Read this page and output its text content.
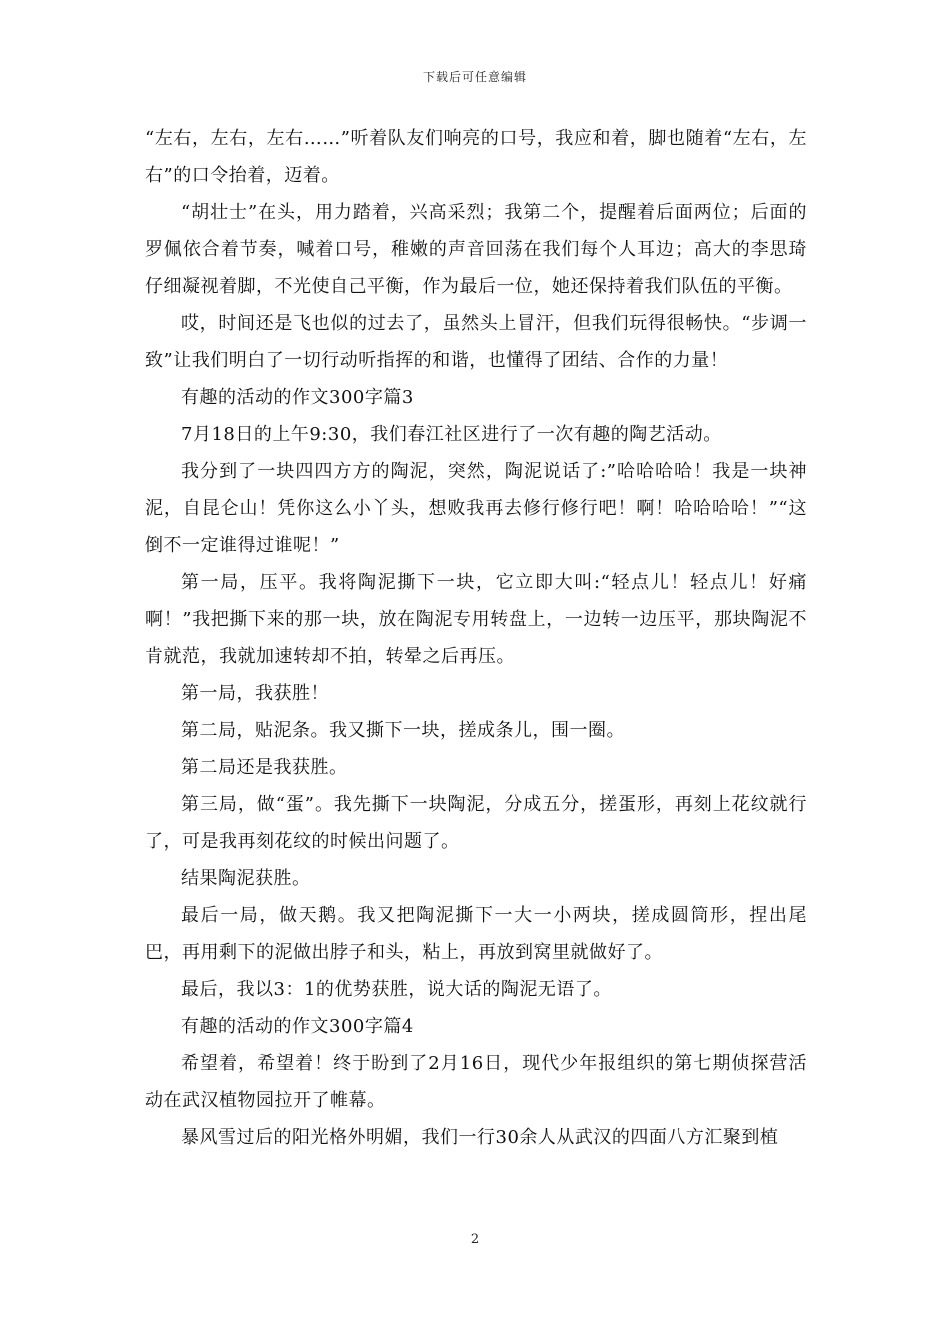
下载后可任意编辑

“左右，左右，左右……”听着队友们响亮的口号，我应和着，脚也随着“左右，左右”的口令抬着，迈着。

“胡壮士”在头，用力踏着，兴高采烈；我第二个，提醒着后面两位；后面的罗佩依合着节奏，喊着口号，稚嫩的声音回荡在我们每个人耳边；高大的李思琦仔细凝视着脚，不光使自己平衡，作为最后一位，她还保持着我们队伍的平衡。

哎，时间还是飞也似的过去了，虽然头上冒汗，但我们玩得很畅快。“步调一致”让我们明白了一切行动听指挥的和谐，也懂得了团结、合作的力量！

有趣的活动的作文300字篇3

7月18日的上午9:30，我们春江社区进行了一次有趣的陶艺活动。

我分到了一块四四方方的陶泥，突然，陶泥说话了:”哈哈哈哈！我是一块神泥，自昆仑山！凭你这么小丫头，想败我再去修行修行吧！啊！哈哈哈哈！”“这倒不一定谁得过谁呢！”

第一局，压平。我将陶泥撕下一块，它立即大叫:“轻点儿！轻点儿！好痛啊！”我把撕下来的那一块，放在陶泥专用转盘上，一边转一边压平，那块陶泥不肯就范，我就加速转却不拍，转晕之后再压。

第一局，我获胜！

第二局，贴泥条。我又撕下一块，搓成条儿，围一圈。

第二局还是我获胜。

第三局，做“蛋”。我先撕下一块陶泥，分成五分，搓蛋形，再刻上花纹就行了，可是我再刻花纹的时候出问题了。

结果陶泥获胜。

最后一局，做天鹅。我又把陶泥撕下一大一小两块，搓成圆筒形，捏出尾巴，再用剩下的泥做出脖子和头，粘上，再放到窝里就做好了。

最后，我以3：1的优势获胜，说大话的陶泥无语了。

有趣的活动的作文300字篇4

希望着，希望着！终于盼到了2月16日，现代少年报组织的第七期侦探营活动在武汉植物园拉开了帷幕。

暴风雪过后的阳光格外明媚，我们一行30余人从武汉的四面八方汇聚到植

2
